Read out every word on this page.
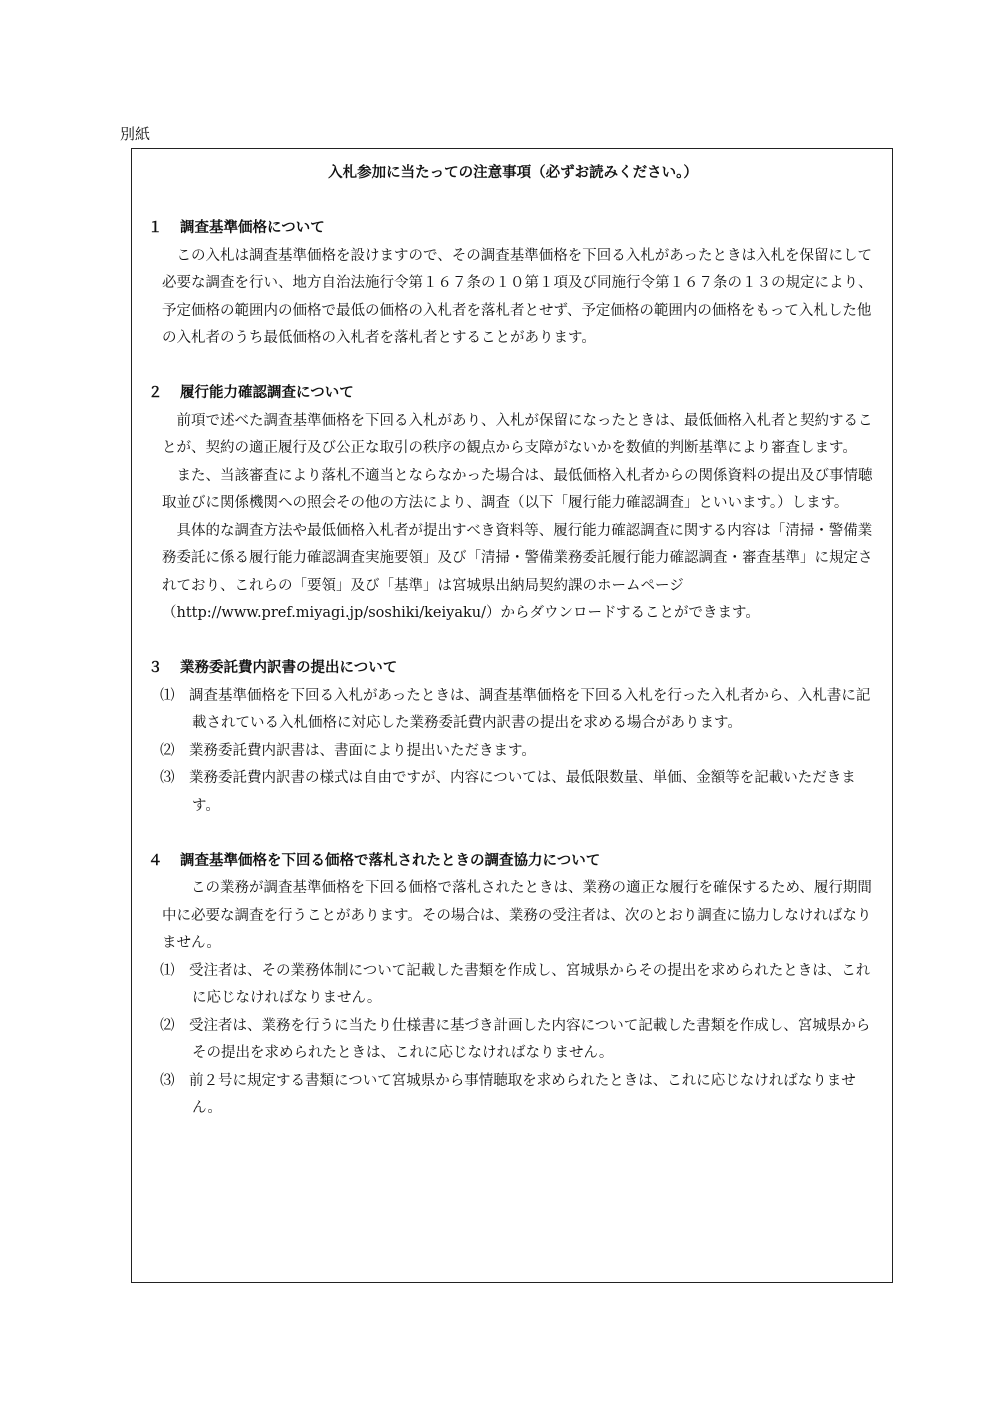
別紙
入札参加に当たっての注意事項（必ずお読みください。）
１	調査基準価格について

この入札は調査基準価格を設けますので、その調査基準価格を下回る入札があったときは入札を保留にして必要な調査を行い、地方自治法施行令第１６７条の１０第１項及び同施行令第１６７条の１３の規定により、予定価格の範囲内の価格で最低の価格の入札者を落札者とせず、予定価格の範囲内の価格をもって入札した他の入札者のうち最低価格の入札者を落札者とすることがあります。

２	履行能力確認調査について

前項で述べた調査基準価格を下回る入札があり、入札が保留になったときは、最低価格入札者と契約することが、契約の適正履行及び公正な取引の秩序の観点から支障がないかを数値的判断基準により審査します。

また、当該審査により落札不適当とならなかった場合は、最低価格入札者からの関係資料の提出及び事情聴取並びに関係機関への照会その他の方法により、調査（以下「履行能力確認調査」といいます。）します。

具体的な調査方法や最低価格入札者が提出すべき資料等、履行能力確認調査に関する内容は「清掃・警備業務委託に係る履行能力確認調査実施要領」及び「清掃・警備業務委託履行能力確認調査・審査基準」に規定されており、これらの「要領」及び「基準」は宮城県出納局契約課のホームページ（http://www.pref.miyagi.jp/soshiki/keiyaku/）からダウンロードすることができます。

３	業務委託費内訳書の提出について

⑴　 調査基準価格を下回る入札があったときは、調査基準価格を下回る入札を行った入札者から、入札書に記載されている入札価格に対応した業務委託費内訳書の提出を求める場合があります。

⑵　 業務委託費内訳書は、書面により提出いただきます。

⑶　 業務委託費内訳書の様式は自由ですが、内容については、最低限数量、単価、金額等を記載いただきます。

４	調査基準価格を下回る価格で落札されたときの調査協力について

この業務が調査基準価格を下回る価格で落札されたときは、業務の適正な履行を確保するため、履行期間中に必要な調査を行うことがあります。その場合は、業務の受注者は、次のとおり調査に協力しなければなりません。

⑴　 受注者は、その業務体制について記載した書類を作成し、宮城県からその提出を求められたときは、これに応じなければなりません。

⑵　 受注者は、業務を行うに当たり仕様書に基づき計画した内容について記載した書類を作成し、宮城県からその提出を求められたときは、これに応じなければなりません。

⑶　 前２号に規定する書類について宮城県から事情聴取を求められたときは、これに応じなければなりません。
